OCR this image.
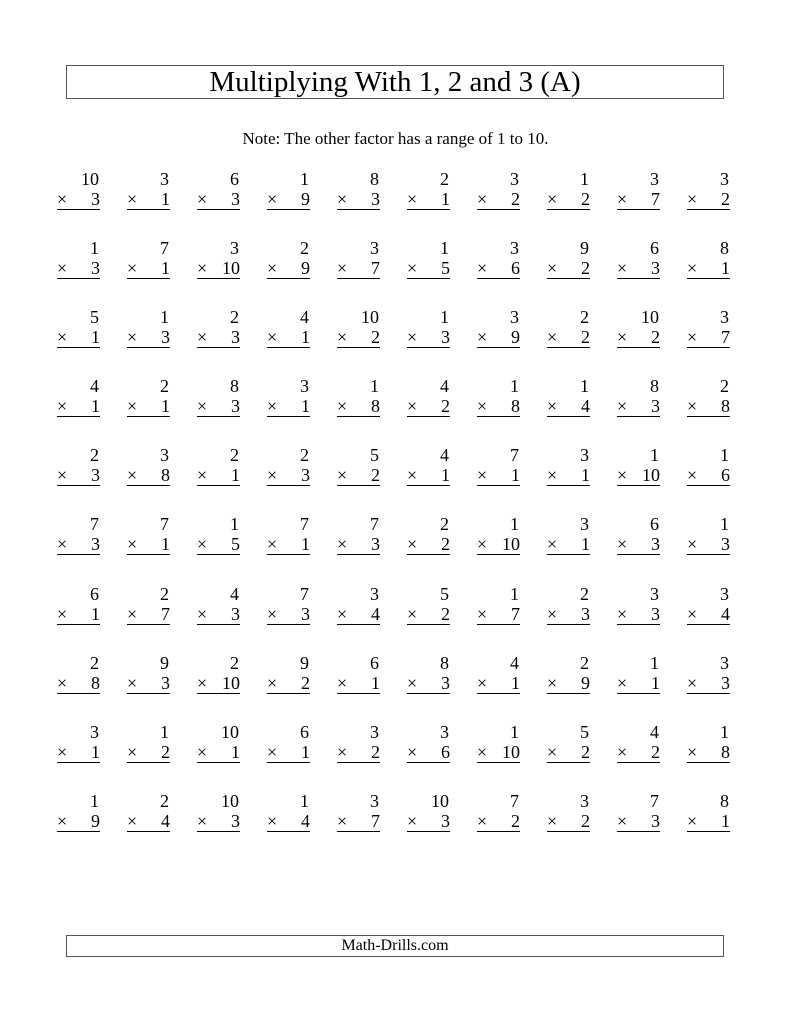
Multiplying With 1, 2 and 3 (A)
Note: The other factor has a range of 1 to 10.
10
× 3
3
× 1
6
× 3
1
× 9
8
× 3
2
× 1
3
× 2
1
× 2
3
× 7
3
× 2
1
× 3
7
× 1
3
× 10
2
× 9
3
× 7
1
× 5
3
× 6
9
× 2
6
× 3
8
× 1
5
× 1
1
× 3
2
× 3
4
× 1
10
× 2
1
× 3
3
× 9
2
× 2
10
× 2
3
× 7
4
× 1
2
× 1
8
× 3
3
× 1
1
× 8
4
× 2
1
× 8
1
× 4
8
× 3
2
× 8
2
× 3
3
× 8
2
× 1
2
× 3
5
× 2
4
× 1
7
× 1
3
× 1
1
× 10
1
× 6
7
× 3
7
× 1
1
× 5
7
× 1
7
× 3
2
× 2
1
× 10
3
× 1
6
× 3
1
× 3
6
× 1
2
× 7
4
× 3
7
× 3
3
× 4
5
× 2
1
× 7
2
× 3
3
× 3
3
× 4
2
× 8
9
× 3
2
× 10
9
× 2
6
× 1
8
× 3
4
× 1
2
× 9
1
× 1
3
× 3
3
× 1
1
× 2
10
× 1
6
× 1
3
× 2
3
× 6
1
× 10
5
× 2
4
× 2
1
× 8
1
× 9
2
× 4
10
× 3
1
× 4
3
× 7
10
× 3
7
× 2
3
× 2
7
× 3
8
× 1
Math-Drills.com
